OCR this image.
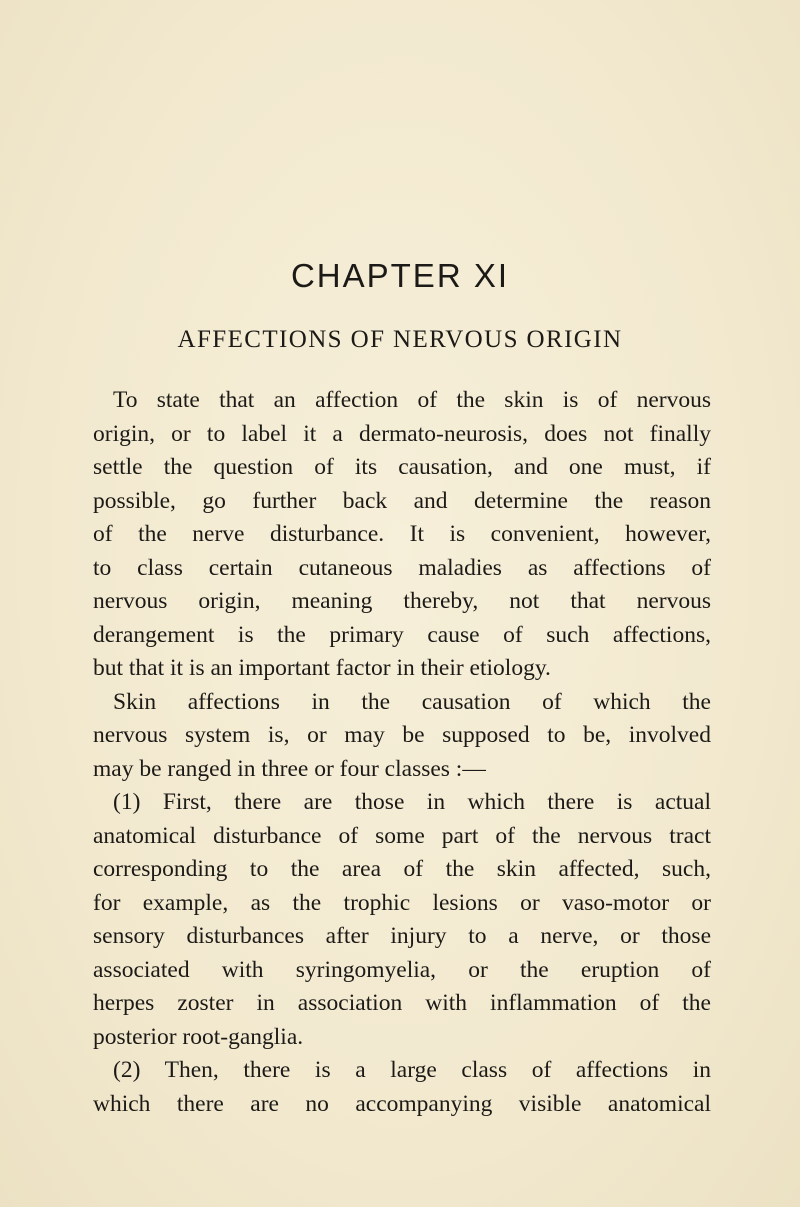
CHAPTER XI
AFFECTIONS OF NERVOUS ORIGIN
To state that an affection of the skin is of nervous
origin, or to label it a dermato-neurosis, does not finally
settle the question of its causation, and one must, if
possible, go further back and determine the reason
of the nerve disturbance. It is convenient, however,
to class certain cutaneous maladies as affections of
nervous origin, meaning thereby, not that nervous
derangement is the primary cause of such affections,
but that it is an important factor in their etiology.
Skin affections in the causation of which the
nervous system is, or may be supposed to be, involved
may be ranged in three or four classes :—
(1) First, there are those in which there is actual
anatomical disturbance of some part of the nervous tract
corresponding to the area of the skin affected, such,
for example, as the trophic lesions or vaso-motor or
sensory disturbances after injury to a nerve, or those
associated with syringomyelia, or the eruption of
herpes zoster in association with inflammation of the
posterior root-ganglia.
(2) Then, there is a large class of affections in
which there are no accompanying visible anatomical
